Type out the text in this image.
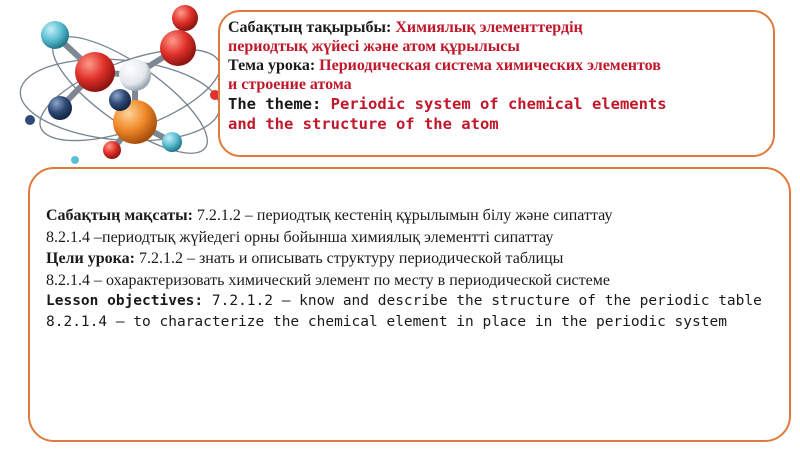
Сабақтың тақырыбы: Химиялық элементтердің
периодтық жүйесі және атом құрылысы
Тема урока: Периодическая система химических элементов
и строение атома
The theme: Periodic system of chemical elements
and the structure of the atom
Сабақтың мақсаты: 7.2.1.2 – периодтық кестенің құрылымын білу және сипаттау
8.2.1.4 –периодтық жүйедегі орны бойынша химиялық элементті сипаттау
Цели урока: 7.2.1.2 – знать и описывать структуру периодической таблицы
8.2.1.4 – охарактеризовать химический элемент по месту в периодической системе
Lesson objectives: 7.2.1.2 – know and describe the structure of the periodic table
8.2.1.4 – to characterize the chemical element in place in the periodic system
